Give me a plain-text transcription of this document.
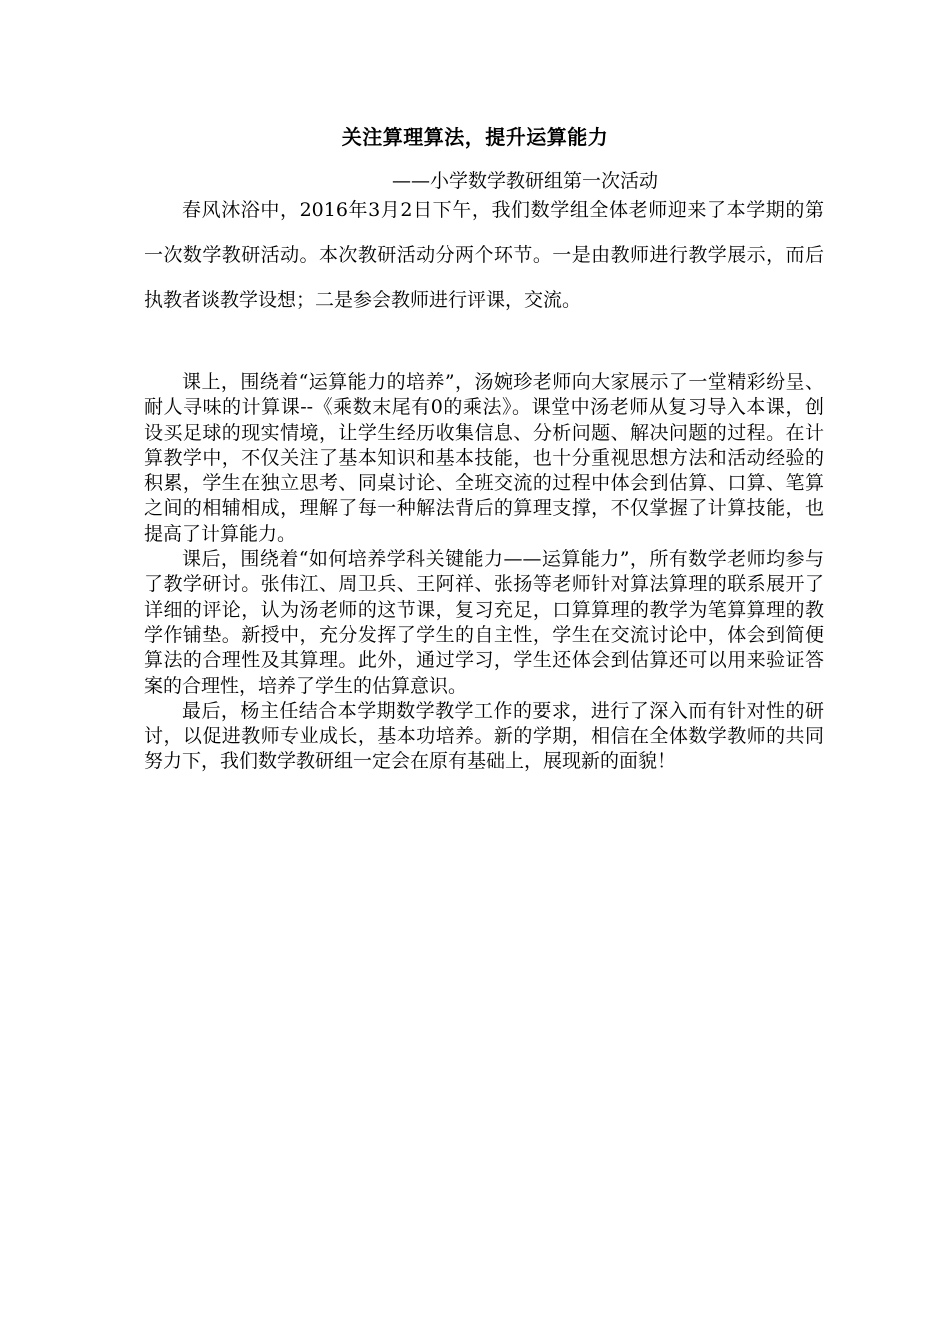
关注算理算法，提升运算能力
——小学数学教研组第一次活动

春风沐浴中，2016年3月2日下午，我们数学组全体老师迎来了本学期的第一次数学教研活动。本次教研活动分两个环节。一是由教师进行教学展示，而后执教者谈教学设想；二是参会教师进行评课，交流。

课上，围绕着“运算能力的培养”，汤婉珍老师向大家展示了一堂精彩纷呈、耐人寻味的计算课--《乘数末尾有0的乘法》。课堂中汤老师从复习导入本课，创设买足球的现实情境，让学生经历收集信息、分析问题、解决问题的过程。在计算教学中，不仅关注了基本知识和基本技能，也十分重视思想方法和活动经验的积累，学生在独立思考、同桌讨论、全班交流的过程中体会到估算、口算、笔算之间的相辅相成，理解了每一种解法背后的算理支撑，不仅掌握了计算技能，也提高了计算能力。

课后，围绕着“如何培养学科关键能力——运算能力”，所有数学老师均参与了教学研讨。张伟江、周卫兵、王阿祥、张扬等老师针对算法算理的联系展开了详细的评论，认为汤老师的这节课，复习充足，口算算理的教学为笔算算理的教学作铺垫。新授中，充分发挥了学生的自主性，学生在交流讨论中，体会到简便算法的合理性及其算理。此外，通过学习，学生还体会到估算还可以用来验证答案的合理性，培养了学生的估算意识。

最后，杨主任结合本学期数学教学工作的要求，进行了深入而有针对性的研讨，以促进教师专业成长，基本功培养。新的学期，相信在全体数学教师的共同努力下，我们数学教研组一定会在原有基础上，展现新的面貌！
